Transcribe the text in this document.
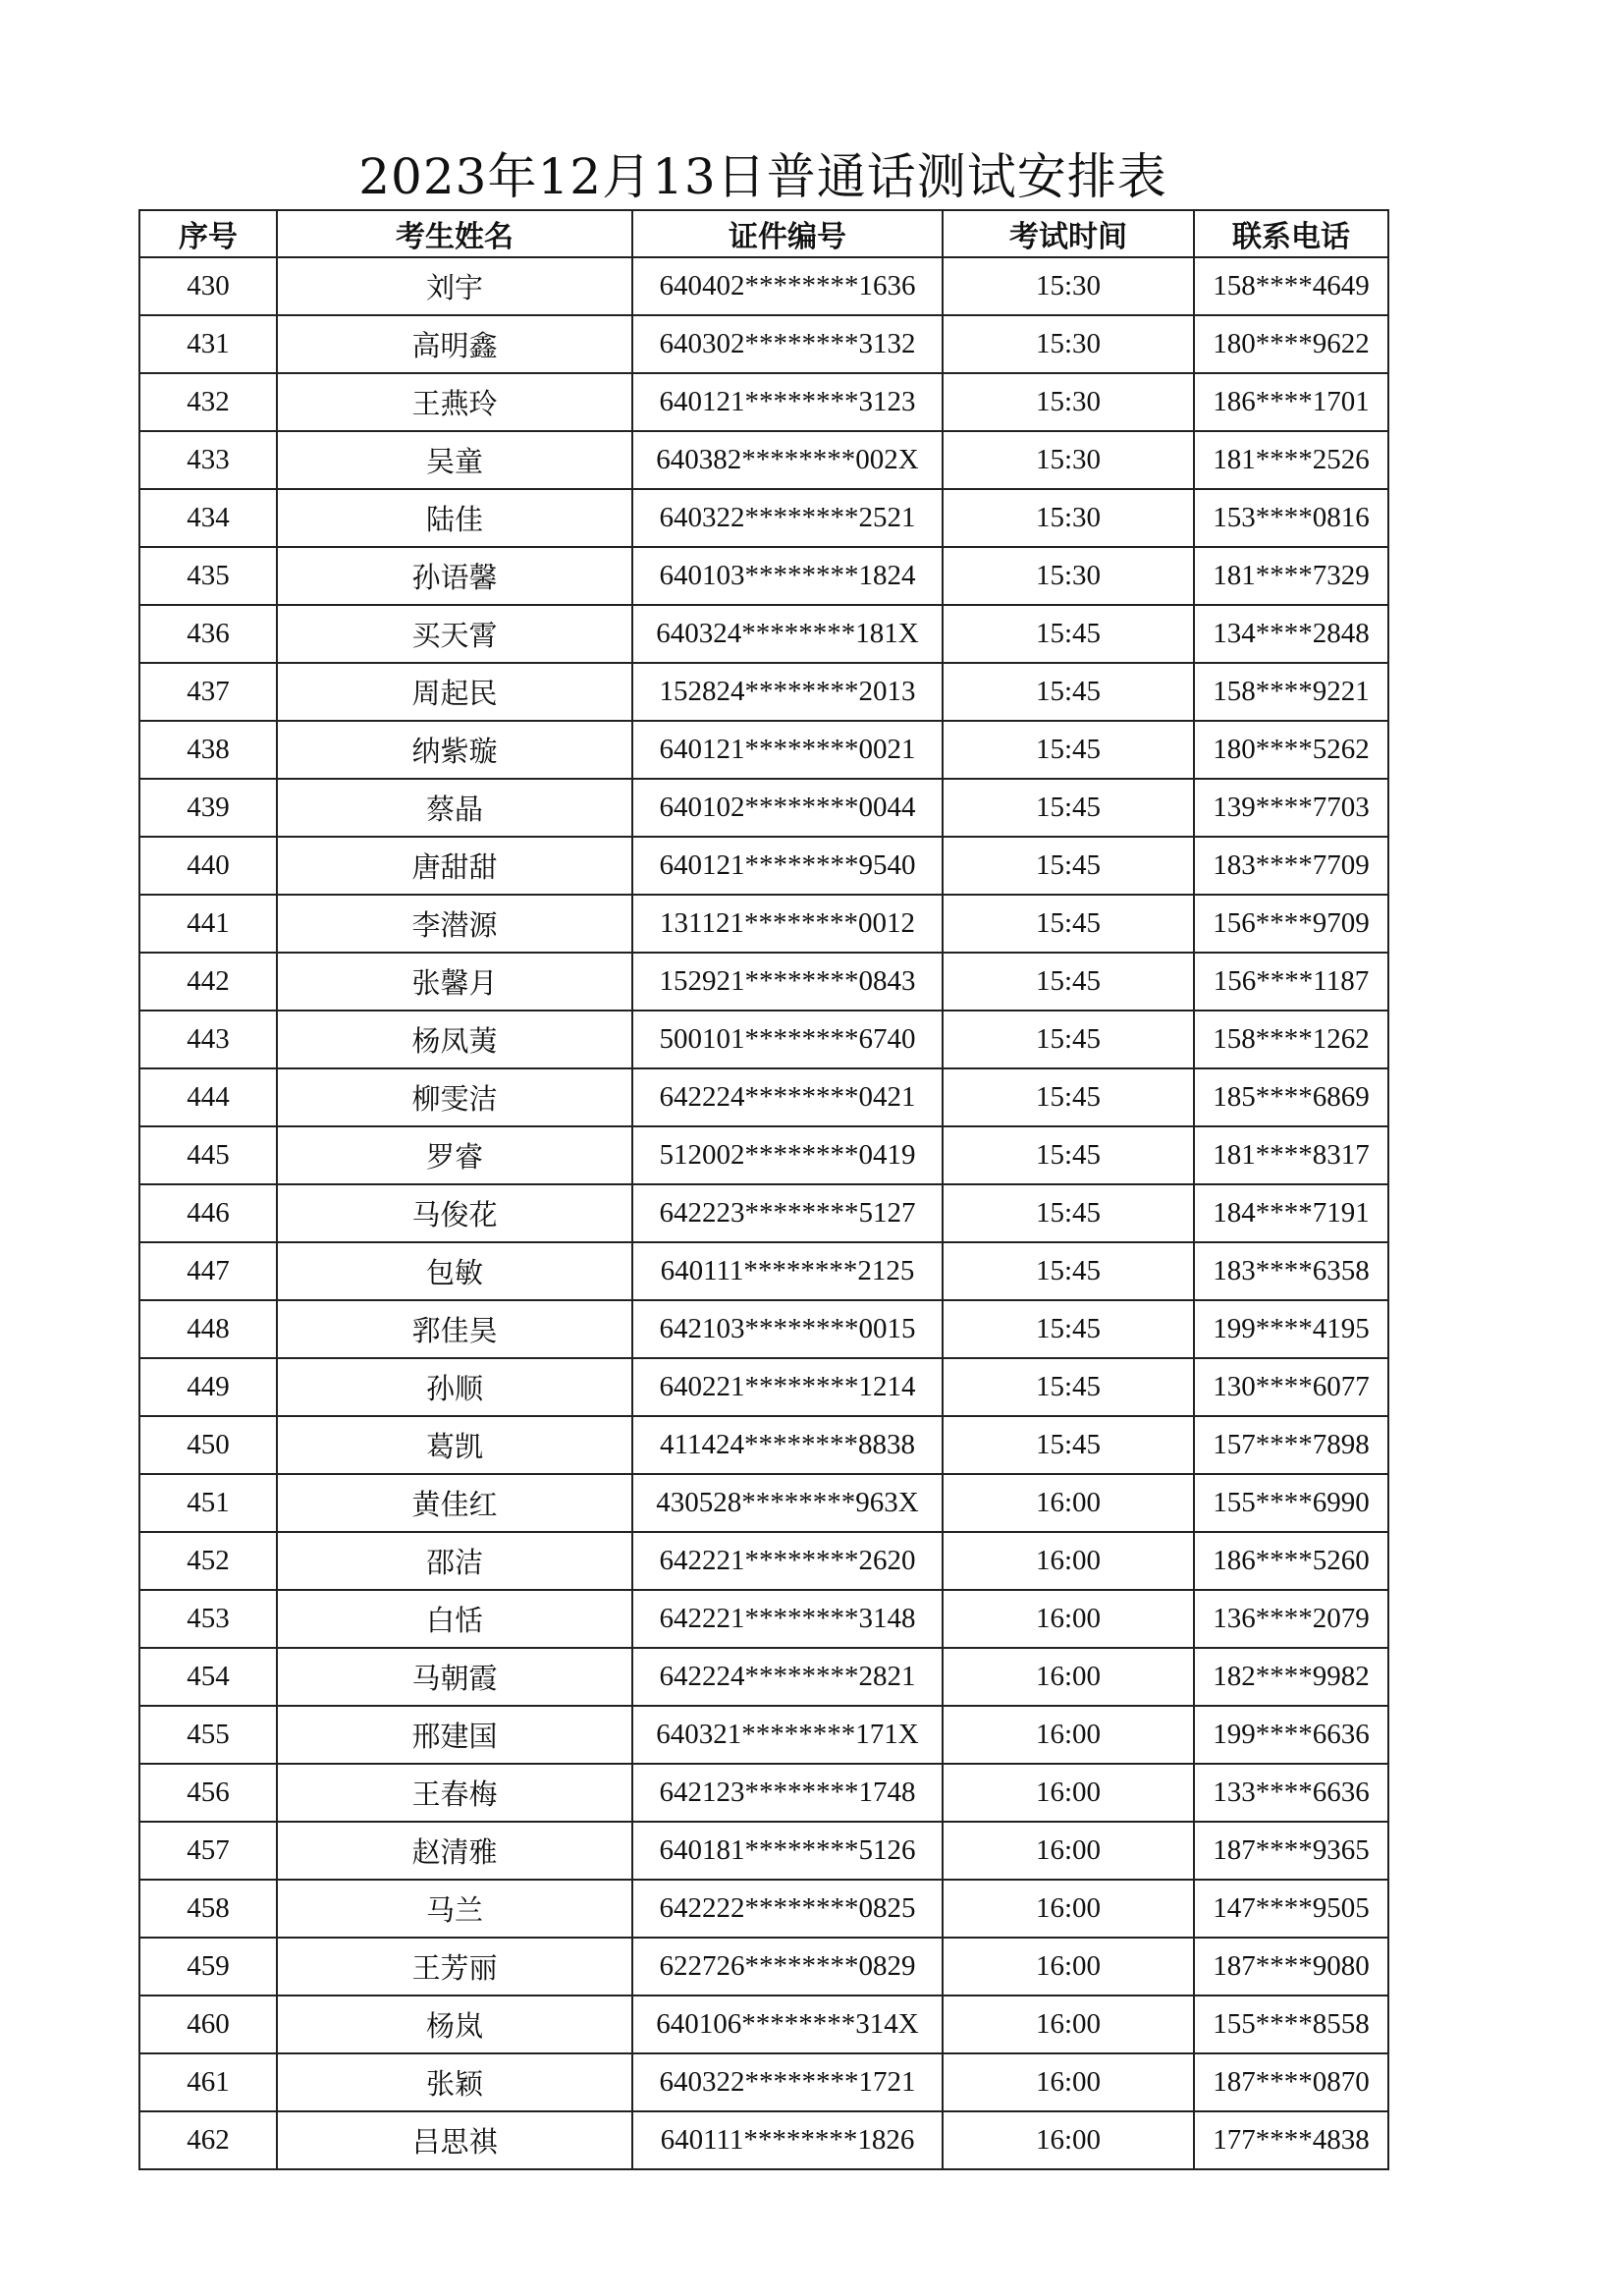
2023年12月13日普通话测试安排表
序号	考生姓名	证件编号	考试时间	联系电话
430	刘宇	640402********1636	15:30	158****4649
431	高明鑫	640302********3132	15:30	180****9622
432	王燕玲	640121********3123	15:30	186****1701
433	吴童	640382********002X	15:30	181****2526
434	陆佳	640322********2521	15:30	153****0816
435	孙语馨	640103********1824	15:30	181****7329
436	买天霄	640324********181X	15:45	134****2848
437	周起民	152824********2013	15:45	158****9221
438	纳紫璇	640121********0021	15:45	180****5262
439	蔡晶	640102********0044	15:45	139****7703
440	唐甜甜	640121********9540	15:45	183****7709
441	李潜源	131121********0012	15:45	156****9709
442	张馨月	152921********0843	15:45	156****1187
443	杨凤荑	500101********6740	15:45	158****1262
444	柳雯洁	642224********0421	15:45	185****6869
445	罗睿	512002********0419	15:45	181****8317
446	马俊花	642223********5127	15:45	184****7191
447	包敏	640111********2125	15:45	183****6358
448	郛佳昊	642103********0015	15:45	199****4195
449	孙顺	640221********1214	15:45	130****6077
450	葛凯	411424********8838	15:45	157****7898
451	黄佳红	430528********963X	16:00	155****6990
452	邵洁	642221********2620	16:00	186****5260
453	白恬	642221********3148	16:00	136****2079
454	马朝霞	642224********2821	16:00	182****9982
455	邢建国	640321********171X	16:00	199****6636
456	王春梅	642123********1748	16:00	133****6636
457	赵清雅	640181********5126	16:00	187****9365
458	马兰	642222********0825	16:00	147****9505
459	王芳丽	622726********0829	16:00	187****9080
460	杨岚	640106********314X	16:00	155****8558
461	张颖	640322********1721	16:00	187****0870
462	吕思祺	640111********1826	16:00	177****4838
